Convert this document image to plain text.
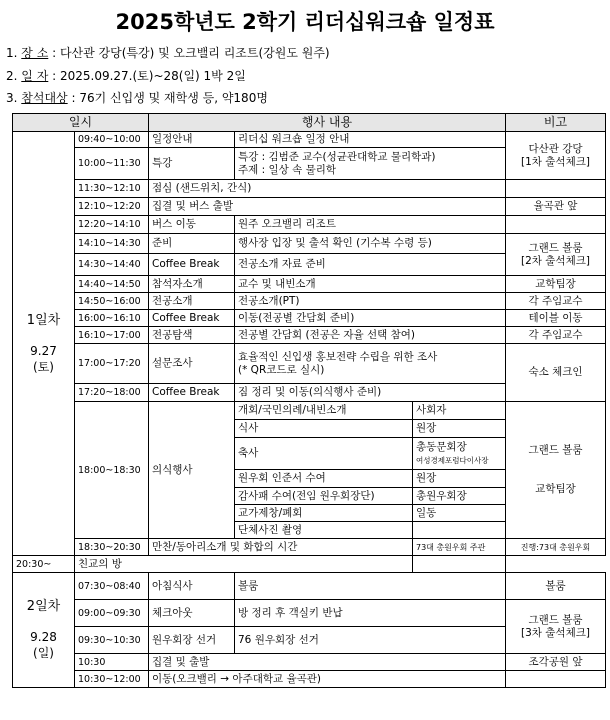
2025학년도 2학기 리더십워크숍 일정표
1. 장 소 : 다산관 강당(특강) 및 오크밸리 리조트(강원도 원주)
2. 일 자 : 2025.09.27.(토)~28(일) 1박 2일
3. 참석대상 : 76기 신입생 및 재학생 등, 약180명
일시		행사 내용			비고

1일차
9.27
(토)	09:40~10:00	일정안내	리더십 워크숍 일정 안내		다산관 강당
[1차 출석체크]
	10:00~11:30	특강	특강 : 김범준 교수(성균관대학교 물리학과)
주제 : 일상 속 물리학		
	11:30~12:10	점심 (샌드위치, 간식)			
	12:10~12:20	집결 및 버스 출발			율곡관 앞
	12:20~14:10	버스 이동	원주 오크밸리 리조트		
	14:10~14:30	준비	행사장 입장 및 출석 확인 (기수복 수령 등)		그랜드 볼룸
[2차 출석체크]
	14:30~14:40	Coffee Break	전공소개 자료 준비		
	14:40~14:50	참석자소개	교수 및 내빈소개		교학팀장
	14:50~16:00	전공소개	전공소개(PT)		각 주임교수
	16:00~16:10	Coffee Break	이동(전공별 간담회 준비)		테이블 이동
	16:10~17:00	전공탐색	전공별 간담회 (전공은 자율 선택 참여)		각 주임교수
	17:00~17:20	설문조사	효율적인 신입생 홍보전략 수립을 위한 조사
(* QR코드로 실시)		숙소 체크인
	17:20~18:00	Coffee Break	짐 정리 및 이동(의식행사 준비)		
	18:00~18:30	의식행사	개회/국민의례/내빈소개	사회자	그랜드 볼룸

교학팀장
			식사	원장	
			축사	총동문회장
여성경제포럼다이사장	
			원우회 인준서 수여	원장	
			감사패 수여(전임 원우회장단)	총원우회장	
			교가제창/폐회	일동	
			단체사진 촬영		
	18:30~20:30	만찬/동아리소개 및 화합의 시간		73대 총원우회 주관	진행:73대 총원우회
20:30~	친교의 방				

2일차
9.28
(일)	07:30~08:40	아침식사	볼룸		볼룸
	09:00~09:30	체크아웃	방 정리 후 객실키 반납		그랜드 볼룸
[3차 출석체크]
	09:30~10:30	원우회장 선거	76 원우회장 선거		
	10:30	집결 및 출발			조각공원 앞
	10:30~12:00	이동(오크밸리 → 아주대학교 율곡관)			
